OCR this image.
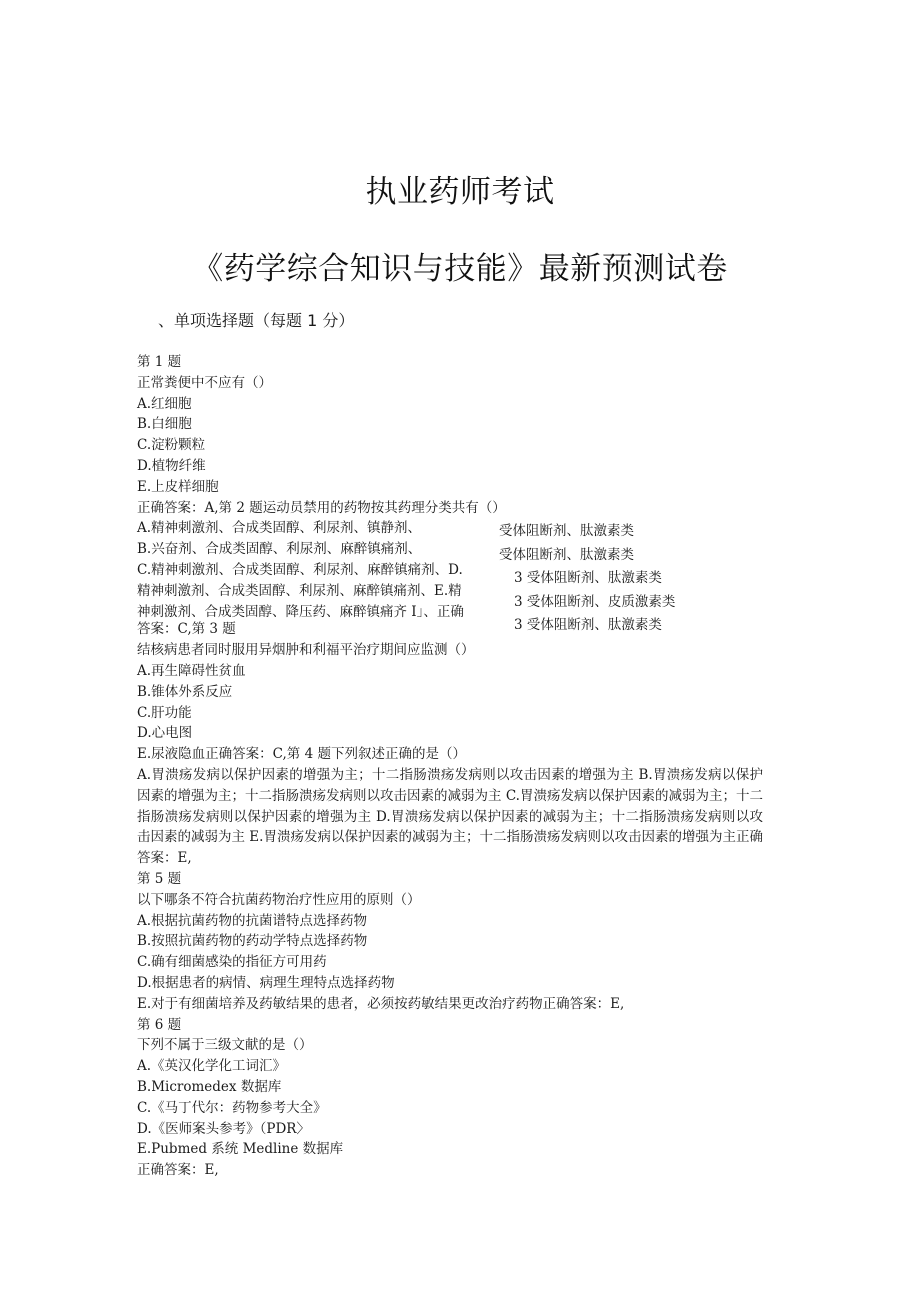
执业药师考试
《药学综合知识与技能》最新预测试卷
、单项选择题（每题 1 分）
第 1 题
正常粪便中不应有（）
A.红细胞
B.白细胞
C.淀粉颗粒
D.植物纤维
E.上皮样细胞
正确答案：A,第 2 题运动员禁用的药物按其药理分类共有（）
A.精神刺激剂、合成类固醇、利尿剂、镇静剂、
B.兴奋剂、合成类固醇、利尿剂、麻醉镇痛剂、
C.精神刺激剂、合成类固醇、利尿剂、麻醉镇痛剂、D.
精神刺激剂、合成类固醇、利尿剂、麻醉镇痛剂、E.精
神刺激剂、合成类固醇、降压药、麻醉镇痛齐 I」、正确
受体阻断剂、肽激素类
受体阻断剂、肽激素类
3 受体阻断剂、肽激素类
3 受体阻断剂、皮质激素类
3 受体阻断剂、肽激素类
答案：C,第 3 题
结核病患者同时服用异烟肿和利福平治疗期间应监测（）
A.再生障碍性贫血
B.锥体外系反应
C.肝功能
D.心电图
E.尿液隐血正确答案：C,第 4 题下列叙述正确的是（）
A.胃溃疡发病以保护因素的增强为主；十二指肠溃疡发病则以攻击因素的增强为主 B.胃溃疡发病以保护因素的增强为主；十二指肠溃疡发病则以攻击因素的减弱为主 C.胃溃疡发病以保护因素的减弱为主；十二指肠溃疡发病则以保护因素的增强为主 D.胃溃疡发病以保护因素的减弱为主；十二指肠溃疡发病则以攻击因素的减弱为主 E.胃溃疡发病以保护因素的减弱为主；十二指肠溃疡发病则以攻击因素的增强为主正确答案：E,
第 5 题
以下哪条不符合抗菌药物治疗性应用的原则（）
A.根据抗菌药物的抗菌谱特点选择药物
B.按照抗菌药物的药动学特点选择药物
C.确有细菌感染的指征方可用药
D.根据患者的病情、病理生理特点选择药物
E.对于有细菌培养及药敏结果的患者，必须按药敏结果更改治疗药物正确答案：E,
第 6 题
下列不属于三级文献的是（）
A.《英汉化学化工词汇》
B.Micromedex 数据库
C.《马丁代尔：药物参考大全》
D.《医师案头参考》（PDR〉
E.Pubmed 系统 Medline 数据库
正确答案：E,
